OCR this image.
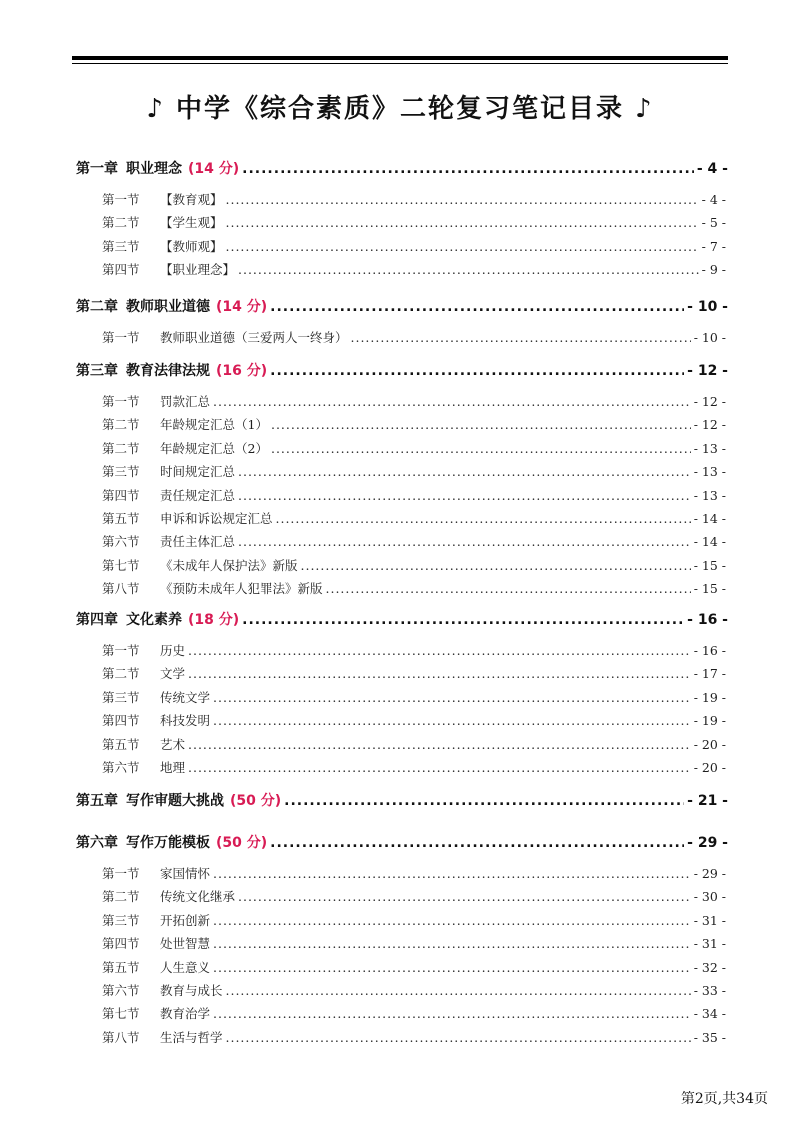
♪ 中学《综合素质》二轮复习笔记目录 ♪
第一章 职业理念 (14 分) .....	- 4 -
第一节	【教育观】 .....	- 4 -
第二节	【学生观】 .....	- 5 -
第三节	【教师观】 .....	- 7 -
第四节	【职业理念】 .....	- 9 -
第二章 教师职业道德 (14 分) .....	- 10 -
第一节	教师职业道德（三爱两人一终身） .....	- 10 -
第三章 教育法律法规 (16 分) .....	- 12 -
第一节	罚款汇总 .....	- 12 -
第二节	年龄规定汇总（1） .....	- 12 -
第二节	年龄规定汇总（2） .....	- 13 -
第三节	时间规定汇总 .....	- 13 -
第四节	责任规定汇总 .....	- 13 -
第五节	申诉和诉讼规定汇总 .....	- 14 -
第六节	责任主体汇总 .....	- 14 -
第七节	《未成年人保护法》新版 .....	- 15 -
第八节	《预防未成年人犯罪法》新版 .....	- 15 -
第四章 文化素养 (18 分) .....	- 16 -
第一节	历史 .....	- 16 -
第二节	文学 .....	- 17 -
第三节	传统文学 .....	- 19 -
第四节	科技发明 .....	- 19 -
第五节	艺术 .....	- 20 -
第六节	地理 .....	- 20 -
第五章 写作审题大挑战 (50 分) .....	- 21 -
第六章 写作万能模板 (50 分) .....	- 29 -
第一节	家国情怀 .....	- 29 -
第二节	传统文化继承 .....	- 30 -
第三节	开拓创新 .....	- 31 -
第四节	处世智慧 .....	- 31 -
第五节	人生意义 .....	- 32 -
第六节	教育与成长 .....	- 33 -
第七节	教育治学 .....	- 34 -
第八节	生活与哲学 .....	- 35 -
第2页,共34页
